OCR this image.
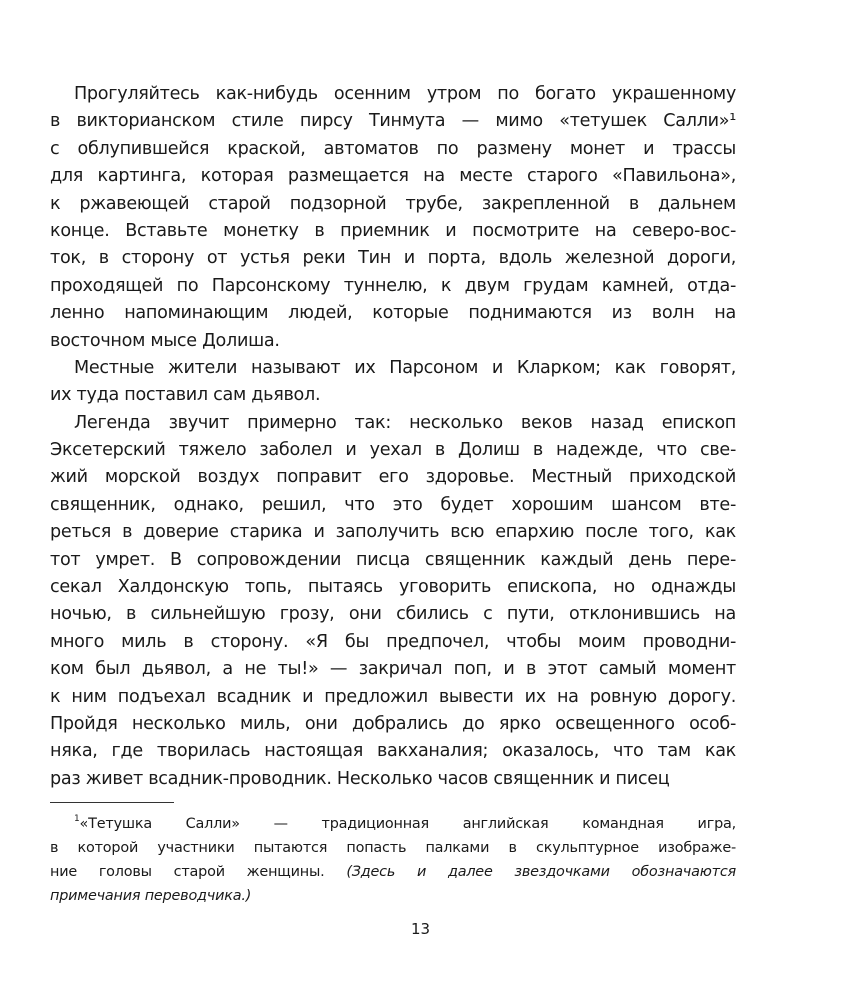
Прогуляйтесь как-нибудь осенним утром по богато украшенному
в викторианском стиле пирсу Тинмута — мимо «тетушек Салли»¹
с облупившейся краской, автоматов по размену монет и трассы
для картинга, которая размещается на месте старого «Павильона»,
к ржавеющей старой подзорной трубе, закрепленной в дальнем
конце. Вставьте монетку в приемник и посмотрите на северо-вос-
ток, в сторону от устья реки Тин и порта, вдоль железной дороги,
проходящей по Парсонскому туннелю, к двум грудам камней, отда-
ленно напоминающим людей, которые поднимаются из волн на
восточном мысе Долиша.
Местные жители называют их Парсоном и Кларком; как говорят,
их туда поставил сам дьявол.
Легенда звучит примерно так: несколько веков назад епископ
Эксетерский тяжело заболел и уехал в Долиш в надежде, что све-
жий морской воздух поправит его здоровье. Местный приходской
священник, однако, решил, что это будет хорошим шансом вте-
реться в доверие старика и заполучить всю епархию после того, как
тот умрет. В сопровождении писца священник каждый день пере-
секал Халдонскую топь, пытаясь уговорить епископа, но однажды
ночью, в сильнейшую грозу, они сбились с пути, отклонившись на
много миль в сторону. «Я бы предпочел, чтобы моим проводни-
ком был дьявол, а не ты!» — закричал поп, и в этот самый момент
к ним подъехал всадник и предложил вывести их на ровную дорогу.
Пройдя несколько миль, они добрались до ярко освещенного особ-
няка, где творилась настоящая вакханалия; оказалось, что там как
раз живет всадник-проводник. Несколько часов священник и писец
$^1$«Тетушка Салли» — традиционная английская командная игра,
в которой участники пытаются попасть палками в скульптурное изображе-
ние головы старой женщины. (Здесь и далее звездочками обозначаются
примечания переводчика.)
13
